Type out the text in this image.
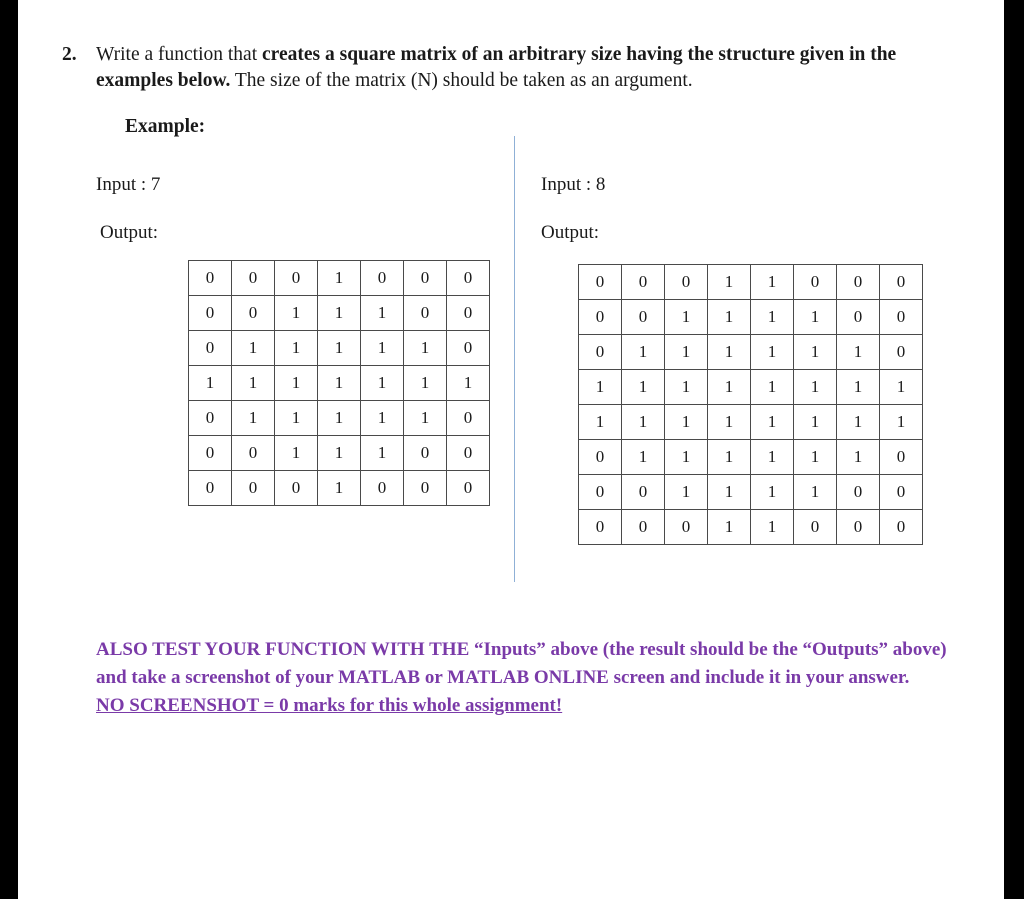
2. Write a function that creates a square matrix of an arbitrary size having the structure given in the examples below. The size of the matrix (N) should be taken as an argument.
Example:
Input : 7
Output:
Input : 8
Output:
0	0	0	1	0	0	0
0	0	1	1	1	0	0
0	1	1	1	1	1	0
1	1	1	1	1	1	1
0	1	1	1	1	1	0
0	0	1	1	1	0	0
0	0	0	1	0	0	0
0	0	0	1	1	0	0	0
0	0	1	1	1	1	0	0
0	1	1	1	1	1	1	0
1	1	1	1	1	1	1	1
1	1	1	1	1	1	1	1
0	1	1	1	1	1	1	0
0	0	1	1	1	1	0	0
0	0	0	1	1	0	0	0
ALSO TEST YOUR FUNCTION WITH THE “Inputs” above (the result should be the “Outputs” above) and take a screenshot of your MATLAB or MATLAB ONLINE screen and include it in your answer.
NO SCREENSHOT = 0 marks for this whole assignment!
